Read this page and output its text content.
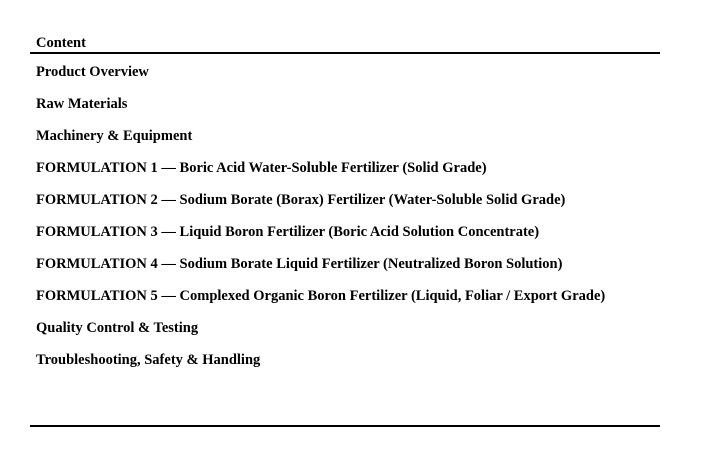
Content

Product Overview

Raw Materials

Machinery & Equipment

FORMULATION 1 — Boric Acid Water-Soluble Fertilizer (Solid Grade)

FORMULATION 2 — Sodium Borate (Borax) Fertilizer (Water-Soluble Solid Grade)

FORMULATION 3 — Liquid Boron Fertilizer (Boric Acid Solution Concentrate)

FORMULATION 4 — Sodium Borate Liquid Fertilizer (Neutralized Boron Solution)

FORMULATION 5 — Complexed Organic Boron Fertilizer (Liquid, Foliar / Export Grade)

Quality Control & Testing

Troubleshooting, Safety & Handling
